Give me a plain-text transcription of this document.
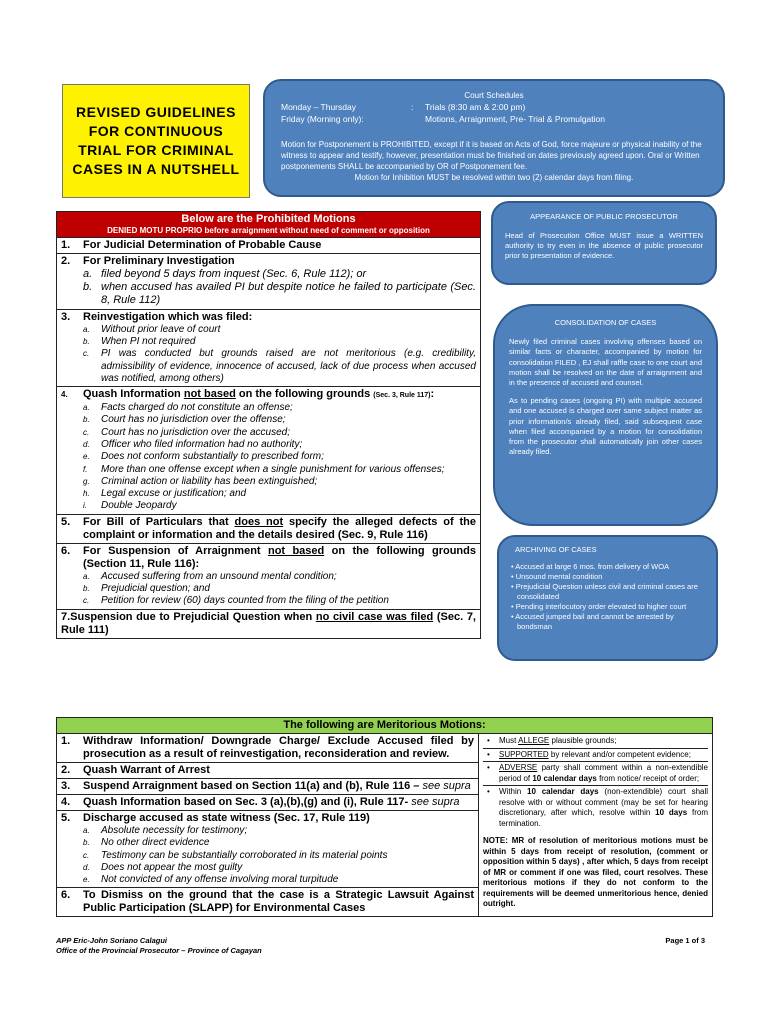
REVISED GUIDELINES FOR CONTINUOUS TRIAL FOR CRIMINAL CASES IN A NUTSHELL
Court Schedules
Monday – Thursday	:	Trials (8:30 am & 2:00 pm)
Friday (Morning only):	Motions, Arraignment, Pre- Trial & Promulgation
Motion for Postponement is PROHIBITED, except if it is based on Acts of God, force majeure or physical inability of the witness to appear and testify, however, presentation must be finished on dates previously agreed upon. Oral or Written postponements SHALL be accompanied by OR of Postponement fee.
Motion for Inhibition MUST be resolved within two (2) calendar days from filing.
APPEARANCE OF PUBLIC PROSECUTOR

Head of Prosecution Office MUST issue a WRITTEN authority to try even in the absence of public prosecutor prior to presentation of evidence.

CONSOLIDATION OF CASES

Newly filed criminal cases involving offenses based on similar facts or character, accompanied by motion for consolidation FILED , EJ shall raffle case to one court and motion shall be resolved on the date of arraignment and in the presence of accused and counsel.

As to pending cases (ongoing PI) with multiple accused and one accused is charged over same subject matter as prior information/s already filed, said subsequent case when filed accompanied by a motion for consolidation from the prosecutor shall automatically join other cases already filed.

ARCHIVING OF CASES
• Accused at large 6 mos. from delivery of WOA
• Unsound mental condition
• Prejudicial Question unless civil and criminal cases are consolidated
• Pending interlocutory order elevated to higher court
• Accused jumped bail and cannot be arrested by bondsman
Below are the Prohibited Motions
DENIED MOTU PROPRIO before arraignment without need of comment or opposition

1.	For Judicial Determination of Probable Cause

2.	For Preliminary Investigation
a. filed beyond 5 days from inquest (Sec. 6, Rule 112); or
b. when accused has availed PI but despite notice he failed to participate (Sec. 8, Rule 112)

3.	Reinvestigation which was filed:
a.	Without prior leave of court
b.	When PI not required
c.	PI was conducted but grounds raised are not meritorious (e.g. credibility, admissibility of evidence, innocence of accused, lack of due process when accused was notified, among others)

4.	Quash Information not based on the following grounds (Sec. 3, Rule 117):
a.	Facts charged do not constitute an offense;
b.	Court has no jurisdiction over the offense;
c.	Court has no jurisdiction over the accused;
d.	Officer who filed information had no authority;
e.	Does not conform substantially to prescribed form;
f.	More than one offense except when a single punishment for various offenses;
g.	Criminal action or liability has been extinguished;
h.	Legal excuse or justification; and
i.	Double Jeopardy

5.	For Bill of Particulars that does not specify the alleged defects of the complaint or information and the details desired (Sec. 9, Rule 116)

6.	For Suspension of Arraignment not based on the following grounds (Section 11, Rule 116):
a.	Accused suffering from an unsound mental condition;
b.	Prejudicial question; and
c.	Petition for review (60) days counted from the filing of the petition

7.Suspension due to Prejudicial Question when no civil case was filed (Sec. 7, Rule 111)
The following are Meritorious Motions:

1.	Withdraw Information/ Downgrade Charge/ Exclude Accused filed by prosecution as a result of reinvestigation, reconsideration and review.
2.	Quash Warrant of Arrest
3.	Suspend Arraignment based on Section 11(a) and (b), Rule 116 – see supra
4.	Quash Information based on Sec. 3 (a),(b),(g) and (i), Rule 117- see supra
5.	Discharge accused as state witness (Sec. 17, Rule 119)
a.	Absolute necessity for testimony;
b.	No other direct evidence
c.	Testimony can be substantially corroborated in its material points
d.	Does not appear the most guilty
e.	Not convicted of any offense involving moral turpitude
6.	To Dismiss on the ground that the case is a Strategic Lawsuit Against Public Participation (SLAPP) for Environmental Cases

• Must ALLEGE plausible grounds;
• SUPPORTED by relevant and/or competent evidence;
• ADVERSE party shall comment within a non-extendible period of 10 calendar days from notice/ receipt of order;
• Within 10 calendar days (non-extendible) court shall resolve with or without comment (may be set for hearing discretionary, after which, resolve within 10 days from termination.
NOTE: MR of resolution of meritorious motions must be within 5 days from receipt of resolution, (comment or opposition within 5 days) , after which, 5 days from receipt of MR or comment if one was filed, court resolves. These meritorious motions if they do not conform to the requirements will be deemed unmeritorious hence, denied outright.
APP Eric-John Soriano Calagui
Office of the Provincial Prosecutor – Province of Cagayan
Page 1 of 3
